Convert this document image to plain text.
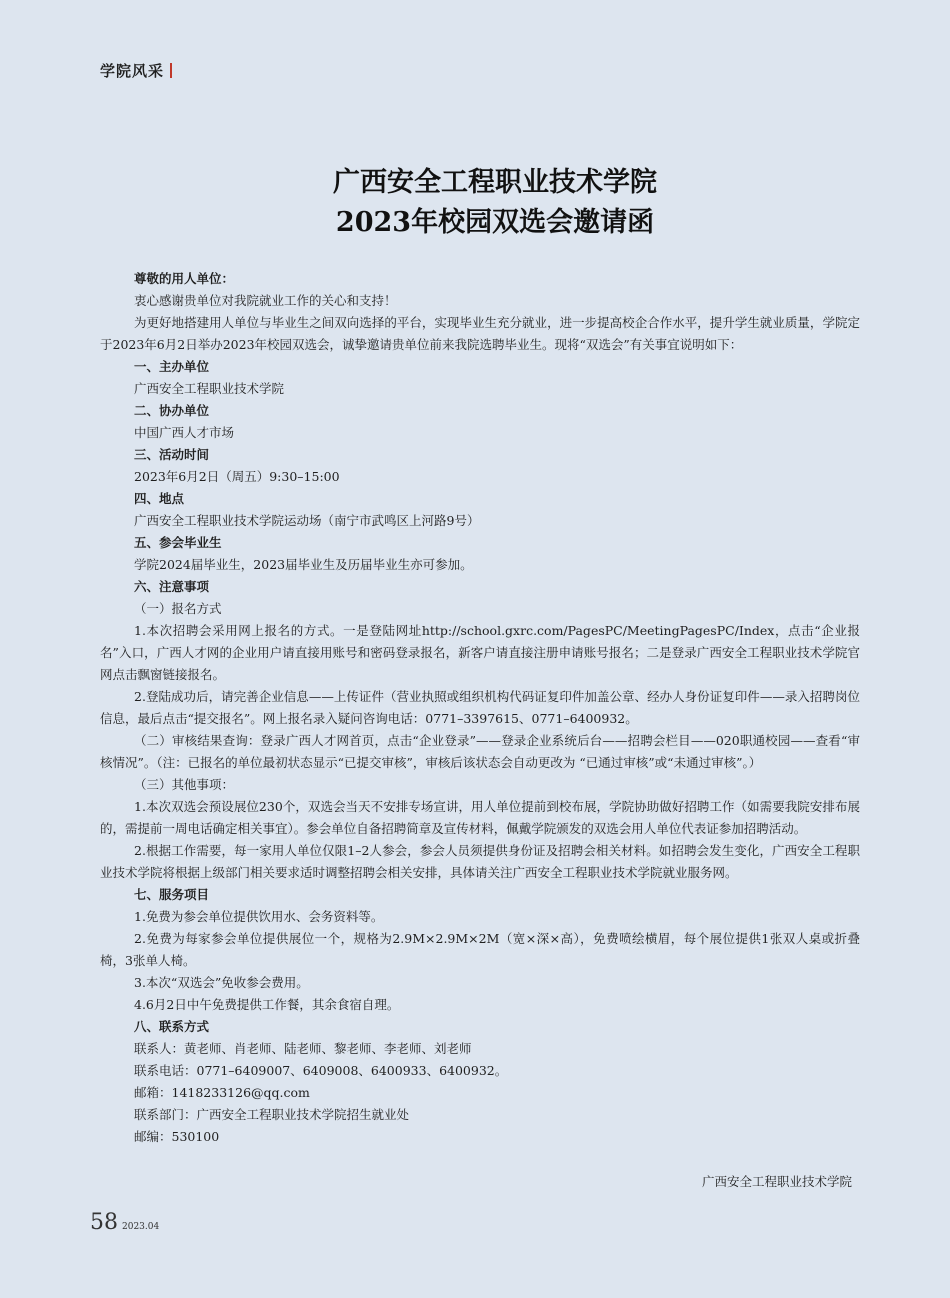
学院风采
广西安全工程职业技术学院
2023年校园双选会邀请函
尊敬的用人单位：
衷心感谢贵单位对我院就业工作的关心和支持！
为更好地搭建用人单位与毕业生之间双向选择的平台，实现毕业生充分就业，进一步提高校企合作水平，提升学生就业质量，学院定于2023年6月2日举办2023年校园双选会，诚挚邀请贵单位前来我院选聘毕业生。现将“双选会”有关事宜说明如下：
一、主办单位
广西安全工程职业技术学院
二、协办单位
中国广西人才市场
三、活动时间
2023年6月2日（周五）9:30–15:00
四、地点
广西安全工程职业技术学院运动场（南宁市武鸣区上河路9号）
五、参会毕业生
学院2024届毕业生，2023届毕业生及历届毕业生亦可参加。
六、注意事项
（一）报名方式
1.本次招聘会采用网上报名的方式。一是登陆网址http://school.gxrc.com/PagesPC/MeetingPagesPC/Index，点击“企业报名”入口，广西人才网的企业用户请直接用账号和密码登录报名，新客户请直接注册申请账号报名；二是登录广西安全工程职业技术学院官网点击飘窗链接报名。
2.登陆成功后，请完善企业信息——上传证件（营业执照或组织机构代码证复印件加盖公章、经办人身份证复印件——录入招聘岗位信息，最后点击“提交报名”。网上报名录入疑问咨询电话：0771–3397615、0771–6400932。
（二）审核结果查询：登录广西人才网首页，点击“企业登录”——登录企业系统后台——招聘会栏目——020职通校园——查看“审核情况”。（注：已报名的单位最初状态显示“已提交审核”，审核后该状态会自动更改为 “已通过审核”或“未通过审核”。）
（三）其他事项：
1.本次双选会预设展位230个，双选会当天不安排专场宣讲，用人单位提前到校布展，学院协助做好招聘工作（如需要我院安排布展的，需提前一周电话确定相关事宜）。参会单位自备招聘简章及宣传材料，佩戴学院颁发的双选会用人单位代表证参加招聘活动。
2.根据工作需要，每一家用人单位仅限1–2人参会，参会人员须提供身份证及招聘会相关材料。如招聘会发生变化，广西安全工程职业技术学院将根据上级部门相关要求适时调整招聘会相关安排，具体请关注广西安全工程职业技术学院就业服务网。
七、服务项目
1.免费为参会单位提供饮用水、会务资料等。
2.免费为每家参会单位提供展位一个，规格为2.9M×2.9M×2M（宽×深×高），免费喷绘横眉，每个展位提供1张双人桌或折叠椅，3张单人椅。
3.本次“双选会”免收参会费用。
4.6月2日中午免费提供工作餐，其余食宿自理。
八、联系方式
联系人：黄老师、肖老师、陆老师、黎老师、李老师、刘老师
联系电话：0771–6409007、6409008、6400933、6400932。
邮箱：1418233126@qq.com
联系部门：广西安全工程职业技术学院招生就业处
邮编：530100
广西安全工程职业技术学院
58 2023.04
